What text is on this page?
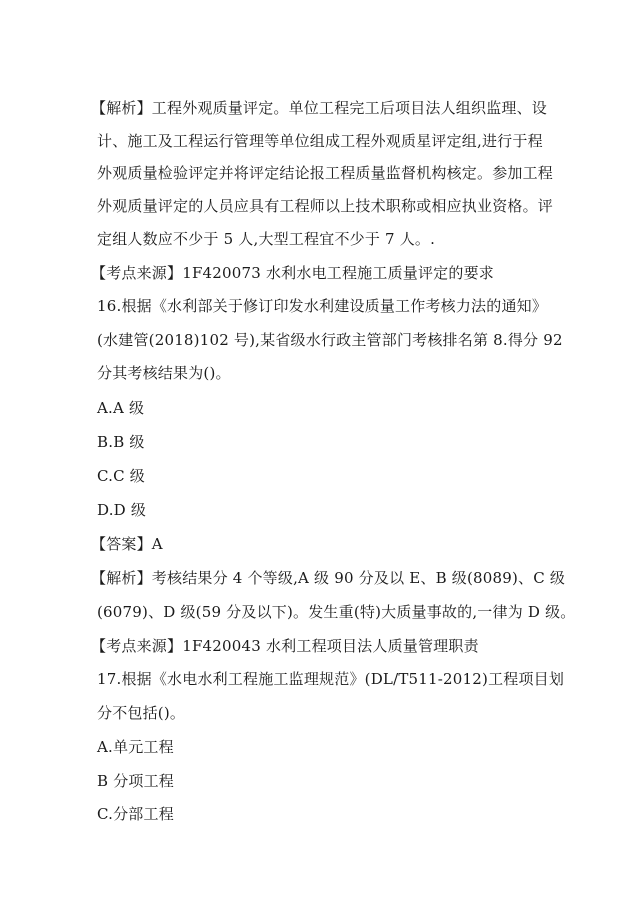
【解析】工程外观质量评定。单位工程完工后项目法人组织监理、设
计、施工及工程运行管理等单位组成工程外观质星评定组,进行于程
外观质量检验评定并将评定结论报工程质量监督机构核定。参加工程
外观质量评定的人员应具有工程师以上技术职称或相应执业资格。评
定组人数应不少于 5 人,大型工程宜不少于 7 人。.
【考点来源】1F420073 水利水电工程施工质量评定的要求
16.根据《水利部关于修订印发水利建设质量工作考核力法的通知》
(水建管(2018)102 号),某省级水行政主管部门考核排名第 8.得分 92
分其考核结果为()。
A.A 级
B.B 级
C.C 级
D.D 级
【答案】A
【解析】考核结果分 4 个等级,A 级 90 分及以 E、B 级(8089)、C 级
(6079)、D 级(59 分及以下)。发生重(特)大质量事故的,一律为 D 级。
【考点来源】1F420043 水利工程项目法人质量管理职责
17.根据《水电水利工程施工监理规范》(DL/T511-2012)工程项目划
分不包括()。
A.单元工程
B 分项工程
C.分部工程
